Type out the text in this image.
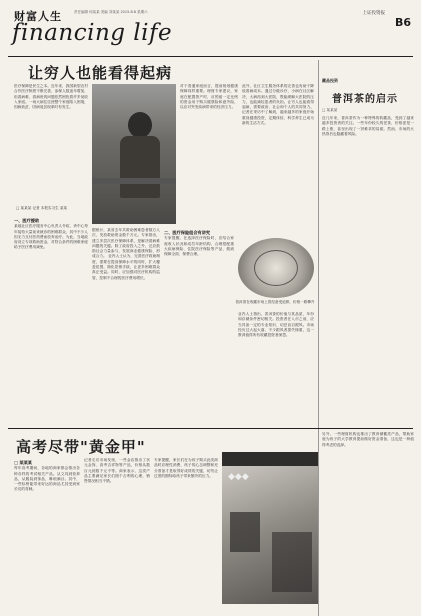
财富人生	责任编辑 何某某 美编 刘某某 2015.8.8 星期六
financing life
上证投资报
B6
让穷人也能看得起病
医疗保障是民生之本。近年来，我国新型农村合作医疗制度不断完善，参保人数逐年增加，但看病难、看病贵的问题依然困扰着许多低收入家庭。一场大病往往使整个家庭陷入困境，因病致贫、因病返贫现象时有发生。
□ 某某某 记者 本报实习生 某某
一、医疗援助
某地社区医疗服务中心负责人介绍，该中心每年接待大量前来就诊的困难群众，其中不少人因无力支付医药费而放弃治疗。为此，当地政府设立专项救助资金，对符合条件的困难家庭给予医疗费用减免。
据统计，某省去年共救助困难患者数万人次，发放救助资金数千万元。专家指出，建立多层次医疗保障体系，是解决看病难问题的关键。除了政府投入之外，还应鼓励社会力量参与，发展商业健康保险，形成合力。 业内人士认为，完善医疗救助制度，需要在提高保障水平的同时，扩大覆盖范围，简化报销手续，让更多困难群众真正受益。同时，应加强对医疗机构的监管，控制不合理的医疗费用增长。
对于普通家庭而言，提前规划健康保障同样重要。理财专家建议，家庭在配置资产时，应预留一定比例的资金用于购买健康险和意外险，以应对突发疾病带来的经济压力。
二、医疗保险组合有讲究
专家提醒，在选择医疗保险时，应结合家庭收入状况和成员年龄结构，合理搭配重大疾病保险、住院医疗保险等产品，做到保障全面、保费合理。
此外，社区卫生服务体系的完善也有助于降低看病成本。通过分级诊疗，小病在社区解决，大病再到大医院，既能缓解大医院的压力，也能减轻患者的负担。让穷人也能看得起病，需要政府、社会和个人的共同努力。 记者在采访中了解到，越来越多的家庭开始重视健康投资，定期体检、科学养生已成为新的生活方式。
藏品投资
普洱茶的启示
□ 某某某
近几年来，普洱茶作为一种特殊的收藏品，受到了越来越多投资者的关注。一些年份较久的老茶，价格更是一路上涨，甚至出现了一饼难求的局面。然而，市场的火热背后也隐藏着风险。
普洱茶在收藏市场上曾经备受追捧，价格一路攀升
业内人士指出，普洱茶的价值与其品质、年份和存储条件密切相关。投资者在入市之前，应当具备一定的专业知识，切忌盲目跟风。市场经历过大起大落，不少跟风者损失惨重，这一教训值得所有收藏投资者深思。
高考尽带"黄金甲"
□ 某某某
每年高考期间，各地的商家都会推出各种各样的考试相关产品。从文具到营养品，从服装到饰品，琳琅满目。其中，一些标榜能带来好运的商品尤其受到家长们的青睐。
记者走访市场发现，一些金店推出了状元金饰、高考吉祥物等产品，价格从数百元到数千元不等。商家表示，这类产品主要满足家长们图个吉利的心理，销售情况相当不错。
专家提醒，家长们在为孩子购买此类商品时应理性消费，孩子的心态调整和充分准备才是取得好成绩的关键，切勿让过度的期待给孩子带来额外的压力。	◆◆◆
另外，一些理财机构也推出了教育储蓄类产品，帮助家庭为孩子的大学教育提前做好资金准备，这也是一种值得考虑的选择。
